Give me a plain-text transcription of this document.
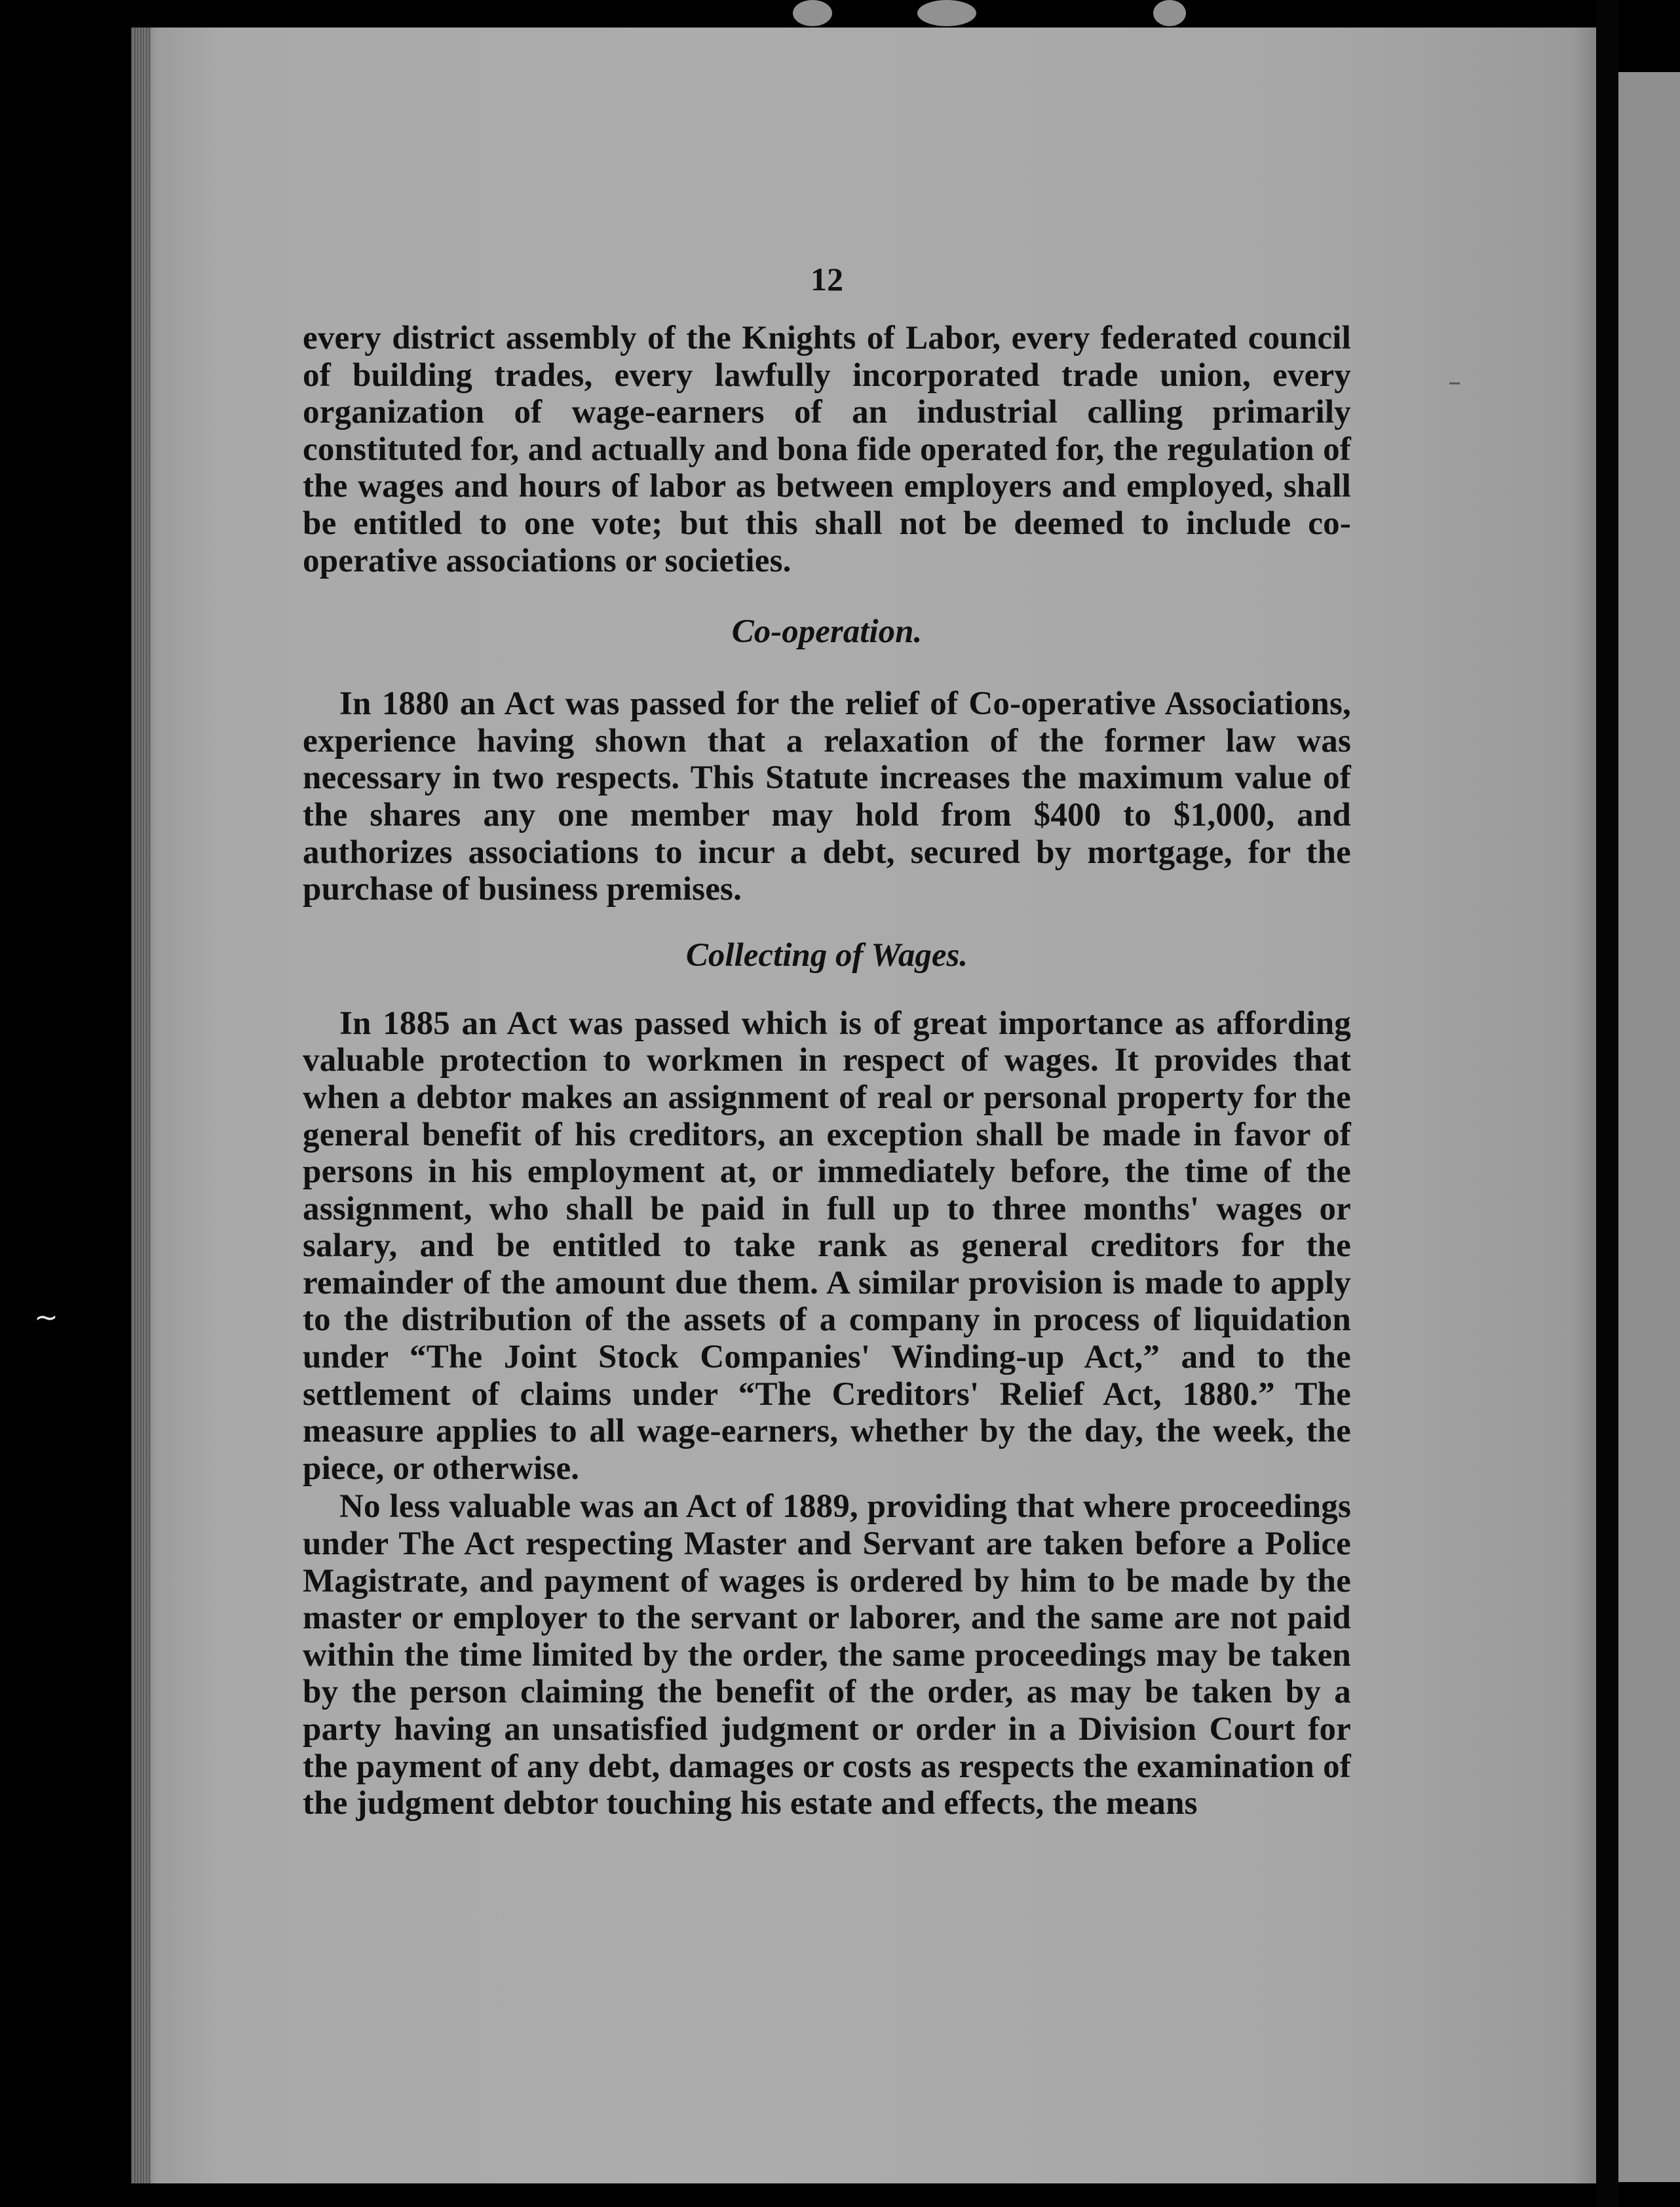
~
–
12

every district assembly of the Knights of Labor, every federated council of building trades, every lawfully incorporated trade union, every organization of wage-earners of an industrial calling primarily constituted for, and actually and bona fide operated for, the regulation of the wages and hours of labor as between employers and employed, shall be entitled to one vote; but this shall not be deemed to include co-operative associations or societies.

Co-operation.

In 1880 an Act was passed for the relief of Co-operative Associations, experience having shown that a relaxation of the former law was necessary in two respects. This Statute increases the maximum value of the shares any one member may hold from $400 to $1,000, and authorizes associations to incur a debt, secured by mortgage, for the purchase of business premises.

Collecting of Wages.

In 1885 an Act was passed which is of great importance as affording valuable protection to workmen in respect of wages. It provides that when a debtor makes an assignment of real or personal property for the general benefit of his creditors, an exception shall be made in favor of persons in his employment at, or immediately before, the time of the assignment, who shall be paid in full up to three months' wages or salary, and be entitled to take rank as general creditors for the remainder of the amount due them. A similar provision is made to apply to the distribution of the assets of a company in process of liquidation under “The Joint Stock Companies' Winding-up Act,” and to the settlement of claims under “The Creditors' Relief Act, 1880.” The measure applies to all wage-earners, whether by the day, the week, the piece, or otherwise.

No less valuable was an Act of 1889, providing that where proceedings under The Act respecting Master and Servant are taken before a Police Magistrate, and payment of wages is ordered by him to be made by the master or employer to the servant or laborer, and the same are not paid within the time limited by the order, the same proceedings may be taken by the person claiming the benefit of the order, as may be taken by a party having an unsatisfied judgment or order in a Division Court for the payment of any debt, damages or costs as respects the examination of the judgment debtor touching his estate and effects, the means
